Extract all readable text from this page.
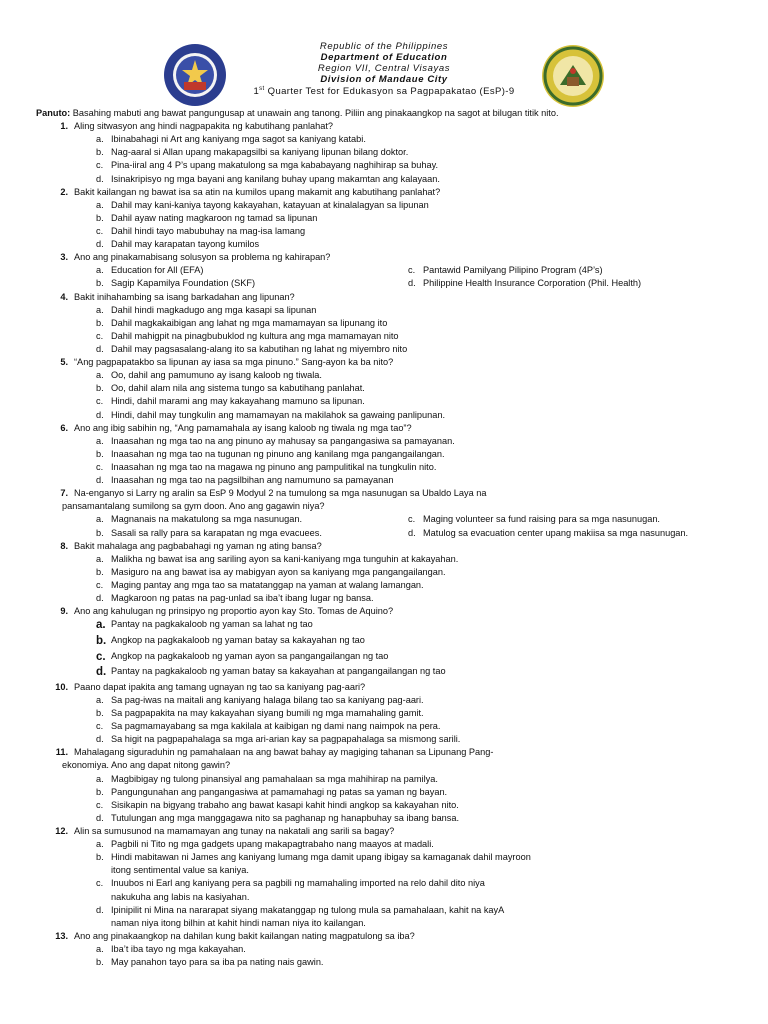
Republic of the Philippines
Department of Education
Region VII, Central Visayas
Division of Mandaue City
1st Quarter Test for Edukasyon sa Pagpapakatao (EsP)-9
Panuto: Basahing mabuti ang bawat pangungusap at unawain ang tanong. Piliin ang pinakaangkop na sagot at bilugan titik nito.
1. Aling sitwasyon ang hindi nagpapakita ng kabutihang panlahat?
a. Ibinabahagi ni Art ang kaniyang mga sagot sa kaniyang katabi.
b. Nag-aaral si Allan upang makapagsilbi sa kaniyang lipunan bilang doktor.
c. Pina-iiral ang 4 P’s upang makatulong sa mga kababayang naghihirap sa buhay.
d. Isinakripisyo ng mga bayani ang kanilang buhay upang makamtan ang kalayaan.
2. Bakit kailangan ng bawat isa sa atin na kumilos upang makamit ang kabutihang panlahat?
a. Dahil may kani-kaniya tayong kakayahan, katayuan at kinalalagyan sa lipunan
b. Dahil ayaw nating magkaroon ng tamad sa lipunan
c. Dahil hindi tayo mabubuhay na mag-isa lamang
d. Dahil may karapatan tayong kumilos
3. Ano ang pinakamabisang solusyon sa problema ng kahirapan?
a. Education for All (EFA)	c. Pantawid Pamilyang Pilipino Program (4P’s)
b. Sagip Kapamilya Foundation (SKF)	d. Philippine Health Insurance Corporation (Phil. Health)
4. Bakit inihahambing sa isang barkadahan ang lipunan?
a. Dahil hindi magkadugo ang mga kasapi sa lipunan
b. Dahil magkakaibigan ang lahat ng mga mamamayan sa lipunang ito
c. Dahil mahigpit na pinagbubuklod ng kultura ang mga mamamayan nito
d. Dahil may pagsasalang-alang ito sa kabutihan ng lahat ng miyembro nito
5. “Ang pagpapatakbo sa lipunan ay iasa sa mga pinuno.” Sang-ayon ka ba nito?
a. Oo, dahil ang pamumuno ay isang kaloob ng tiwala.
b. Oo, dahil alam nila ang sistema tungo sa kabutihang panlahat.
c. Hindi, dahil marami ang may kakayahang mamuno sa lipunan.
d. Hindi, dahil may tungkulin ang mamamayan na makilahok sa gawaing panlipunan.
6. Ano ang ibig sabihin ng, “Ang pamamahala ay isang kaloob ng tiwala ng mga tao”?
a. Inaasahan ng mga tao na ang pinuno ay mahusay sa pangangasiwa sa pamayanan.
b. Inaasahan ng mga tao na tugunan ng pinuno ang kanilang mga pangangailangan.
c. Inaasahan ng mga tao na magawa ng pinuno ang pampulitikal na tungkulin nito.
d. Inaasahan ng mga tao na pagsilbihan ang namumuno sa pamayanan
7. Na-enganyo si Larry ng aralin sa EsP 9 Modyul 2 na tumulong sa mga nasunugan sa Ubaldo Laya na
pansamantalang sumilong sa gym doon. Ano ang gagawin niya?
a. Magnanais na makatulong sa mga nasunugan.	c. Maging volunteer sa fund raising para sa mga nasunugan.
b. Sasali sa rally para sa karapatan ng mga evacuees.	d. Matulog sa evacuation center upang makiisa sa mga nasunugan.
8. Bakit mahalaga ang pagbabahagi ng yaman ng ating bansa?
a. Malikha ng bawat isa ang sariling ayon sa kani-kaniyang mga tunguhin at kakayahan.
b. Masiguro na ang bawat isa ay mabigyan ayon sa kaniyang mga pangangailangan.
c. Maging pantay ang mga tao sa matatanggap na yaman at walang lamangan.
d. Magkaroon ng patas na pag-unlad sa iba’t ibang lugar ng bansa.
9. Ano ang kahulugan ng prinsipyo ng proportio ayon kay Sto. Tomas de Aquino?
a. Pantay na pagkakaloob ng yaman sa lahat ng tao
b. Angkop na pagkakaloob ng yaman batay sa kakayahan ng tao
c. Angkop na pagkakaloob ng yaman ayon sa pangangailangan ng tao
d. Pantay na pagkakaloob ng yaman batay sa kakayahan at pangangailangan ng tao
10. Paano dapat ipakita ang tamang ugnayan ng tao sa kaniyang pag-aari?
a. Sa pag-iwas na maitali ang kaniyang halaga bilang tao sa kaniyang pag-aari.
b. Sa pagpapakita na may kakayahan siyang bumili ng mga mamahaling gamit.
c. Sa pagmamayabang sa mga kakilala at kaibigan ng dami nang naimpok na pera.
d. Sa higit na pagpapahalaga sa mga ari-arian kay sa pagpapahalaga sa mismong sarili.
11. Mahalagang siguraduhin ng pamahalaan na ang bawat bahay ay magiging tahanan sa Lipunang Pang-
ekonomiya. Ano ang dapat nitong gawin?
a. Magbibigay ng tulong pinansiyal ang pamahalaan sa mga mahihirap na pamilya.
b. Pangungunahan ang pangangasiwa at pamamahagi ng patas sa yaman ng bayan.
c. Sisikapin na bigyang trabaho ang bawat kasapi kahit hindi angkop sa kakayahan nito.
d. Tutulungan ang mga manggagawa nito sa paghanap ng hanapbuhay sa ibang bansa.
12. Alin sa sumusunod na mamamayan ang tunay na nakatali ang sarili sa bagay?
a. Pagbili ni Tito ng mga gadgets upang makapagtrabaho nang maayos at madali.
b. Hindi mabitawan ni James ang kaniyang lumang mga damit upang ibigay sa kamaganak dahil mayroon
itong sentimental value sa kaniya.
c. Inuubos ni Earl ang kaniyang pera sa pagbili ng mamahaling imported na relo dahil dito niya
nakukuha ang labis na kasiyahan.
d. Ipinipilit ni Mina na nararapat siyang makatanggap ng tulong mula sa pamahalaan, kahit na kayA
naman niya itong bilhin at kahit hindi naman niya ito kailangan.
13. Ano ang pinakaangkop na dahilan kung bakit kailangan nating magpatulong sa iba?
a. Iba’t iba tayo ng mga kakayahan.
b. May panahon tayo para sa iba pa nating nais gawin.
